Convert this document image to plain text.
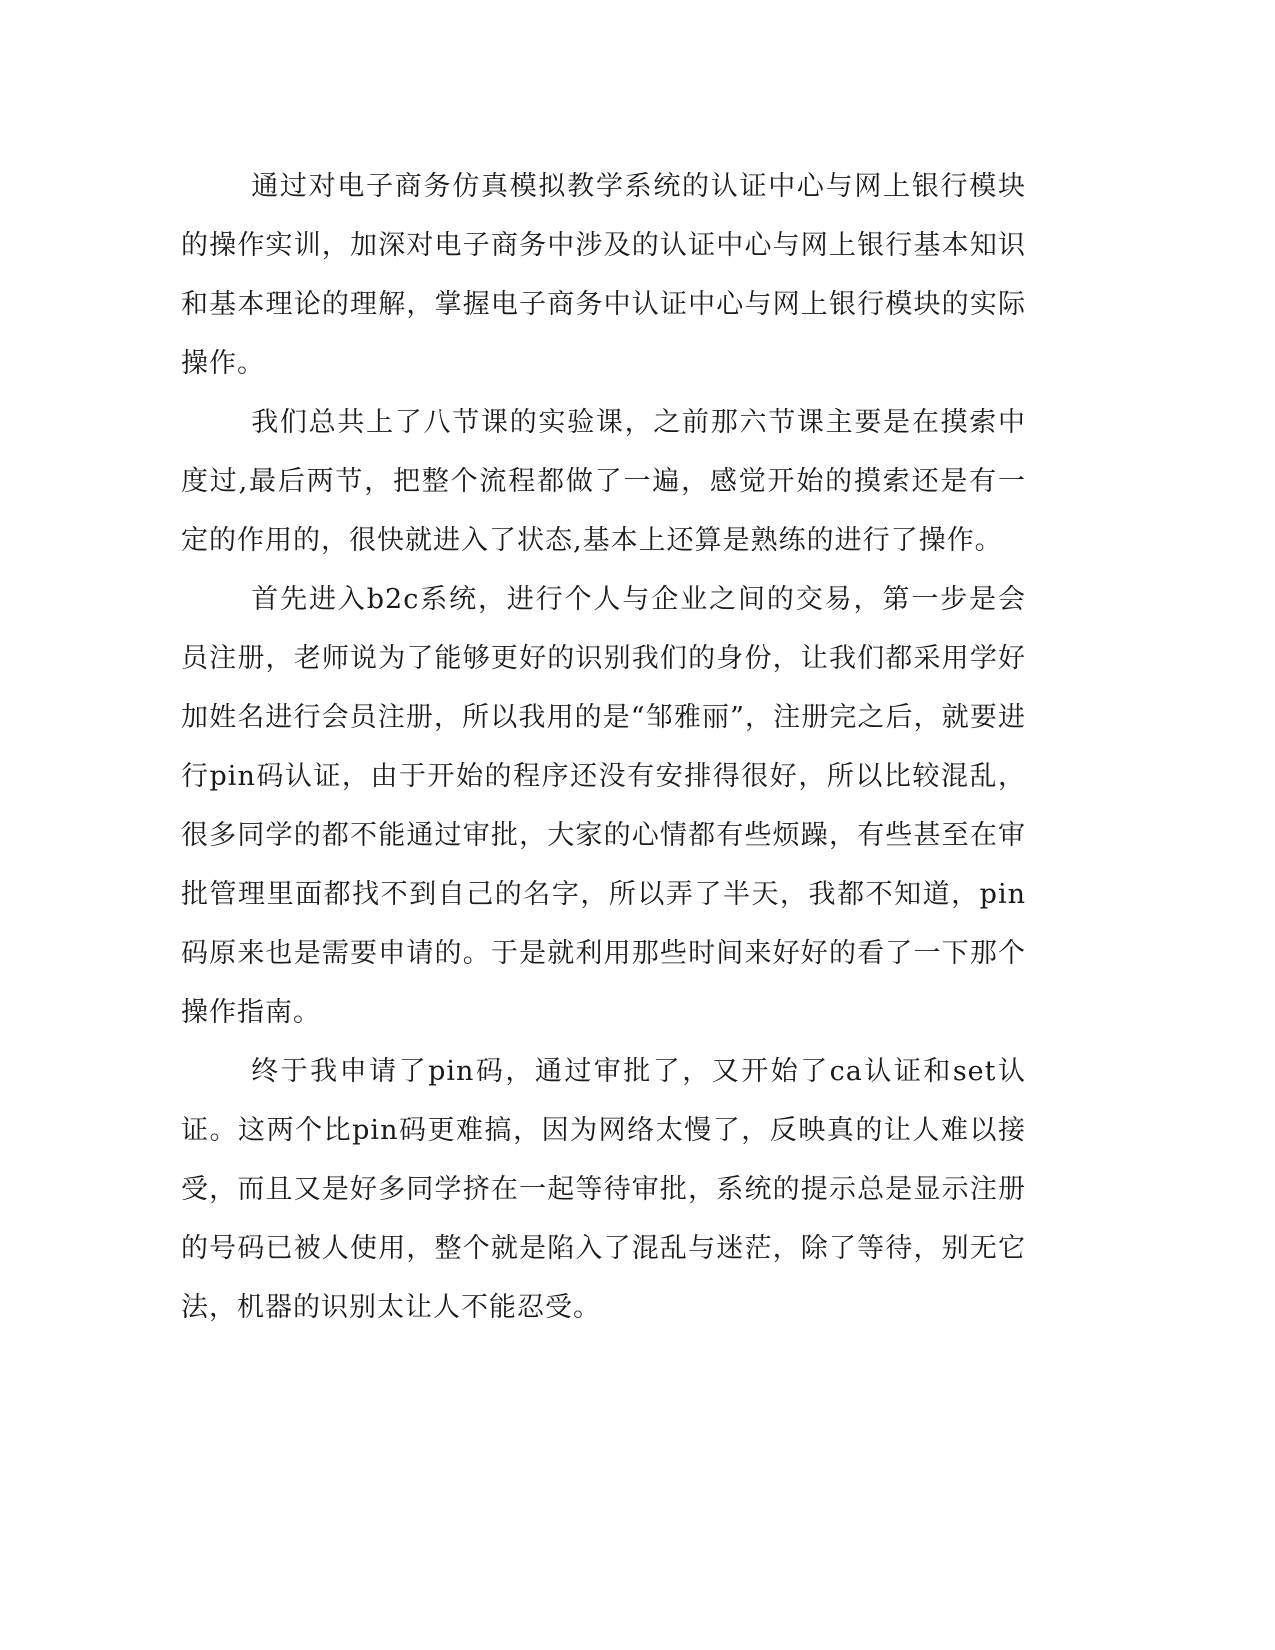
通过对电子商务仿真模拟教学系统的认证中心与网上银行模块的操作实训，加深对电子商务中涉及的认证中心与网上银行基本知识和基本理论的理解，掌握电子商务中认证中心与网上银行模块的实际操作。

我们总共上了八节课的实验课，之前那六节课主要是在摸索中度过,最后两节，把整个流程都做了一遍，感觉开始的摸索还是有一定的作用的，很快就进入了状态,基本上还算是熟练的进行了操作。

首先进入b2c系统，进行个人与企业之间的交易，第一步是会员注册，老师说为了能够更好的识别我们的身份，让我们都采用学好加姓名进行会员注册，所以我用的是“邹雅丽”，注册完之后，就要进行pin码认证，由于开始的程序还没有安排得很好，所以比较混乱，很多同学的都不能通过审批，大家的心情都有些烦躁，有些甚至在审批管理里面都找不到自己的名字，所以弄了半天，我都不知道，pin码原来也是需要申请的。于是就利用那些时间来好好的看了一下那个操作指南。

终于我申请了pin码，通过审批了，又开始了ca认证和set认证。这两个比pin码更难搞，因为网络太慢了，反映真的让人难以接受，而且又是好多同学挤在一起等待审批，系统的提示总是显示注册的号码已被人使用，整个就是陷入了混乱与迷茫，除了等待，别无它法，机器的识别太让人不能忍受。
